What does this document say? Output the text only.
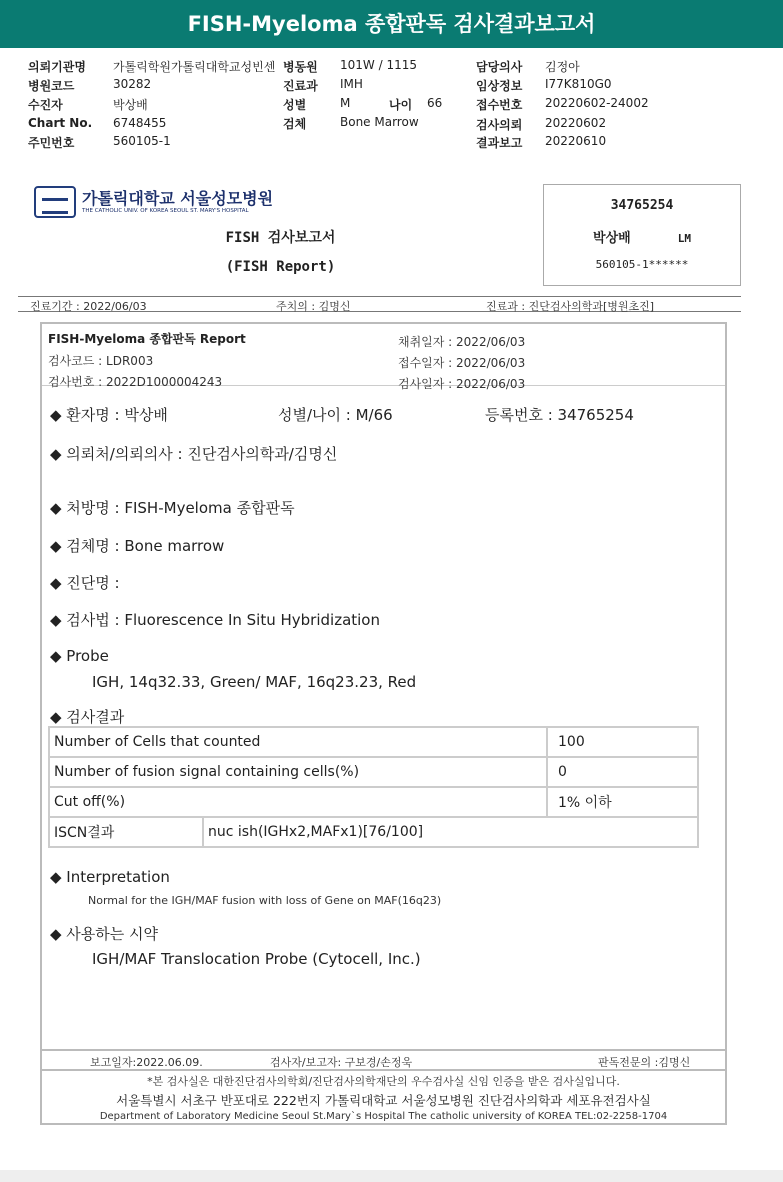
FISH-Myeloma 종합판독 검사결과보고서
의뢰기관명 가톨릭학원가톨릭대학교성빈센 병동원 101W / 1115	담당의사 김정아
병원코드	30282	진료과 IMH	임상정보 I77K810G0
수진자	박상배	성별	M	나이 66	접수번호 20220602-24002
Chart No. 6748455	검체	Bone Marrow	검사의뢰 20220602
주민번호	560105-1	결과보고 20220610
가톨릭대학교 서울성모병원
THE CATHOLIC UNIV. OF KOREA SEOUL ST. MARY'S HOSPITAL
FISH 검사보고서
(FISH Report)
34765254
박상배	LM
560105-1******
진료기간 : 2022/06/03	주치의 : 김명신	진료과 : 진단검사의학과[병원초진]
FISH-Myeloma 종합판독 Report
검사코드 : LDR003
검사번호 : 2022D1000004243
채취일자 : 2022/06/03
접수일자 : 2022/06/03
검사일자 : 2022/06/03
◆ 환자명 : 박상배	성별/나이 : M/66	등록번호 : 34765254
◆ 의뢰처/의뢰의사 : 진단검사의학과/김명신
◆ 처방명 : FISH-Myeloma 종합판독
◆ 검체명 : Bone marrow
◆ 진단명 :
◆ 검사법 : Fluorescence In Situ Hybridization
◆ Probe
IGH, 14q32.33, Green/ MAF, 16q23.23, Red
◆ 검사결과
Number of Cells that counted		100
Number of fusion signal containing cells(%)		0
Cut off(%)		1% 이하
ISCN결과	nuc ish(IGHx2,MAFx1)[76/100]	
◆ Interpretation
Normal for the IGH/MAF fusion with loss of Gene on MAF(16q23)
◆ 사용하는 시약
IGH/MAF Translocation Probe (Cytocell, Inc.)
보고일자:2022.06.09.	검사자/보고자: 구보경/손정욱	판독전문의 :김명신
*본 검사실은 대한진단검사의학회/진단검사의학재단의 우수검사실 신임 인증을 받은 검사실입니다.
서울특별시 서초구 반포대로 222번지 가톨릭대학교 서울성모병원 진단검사의학과 세포유전검사실
Department of Laboratory Medicine Seoul St.Mary`s Hospital The catholic university of KOREA TEL:02-2258-1704
